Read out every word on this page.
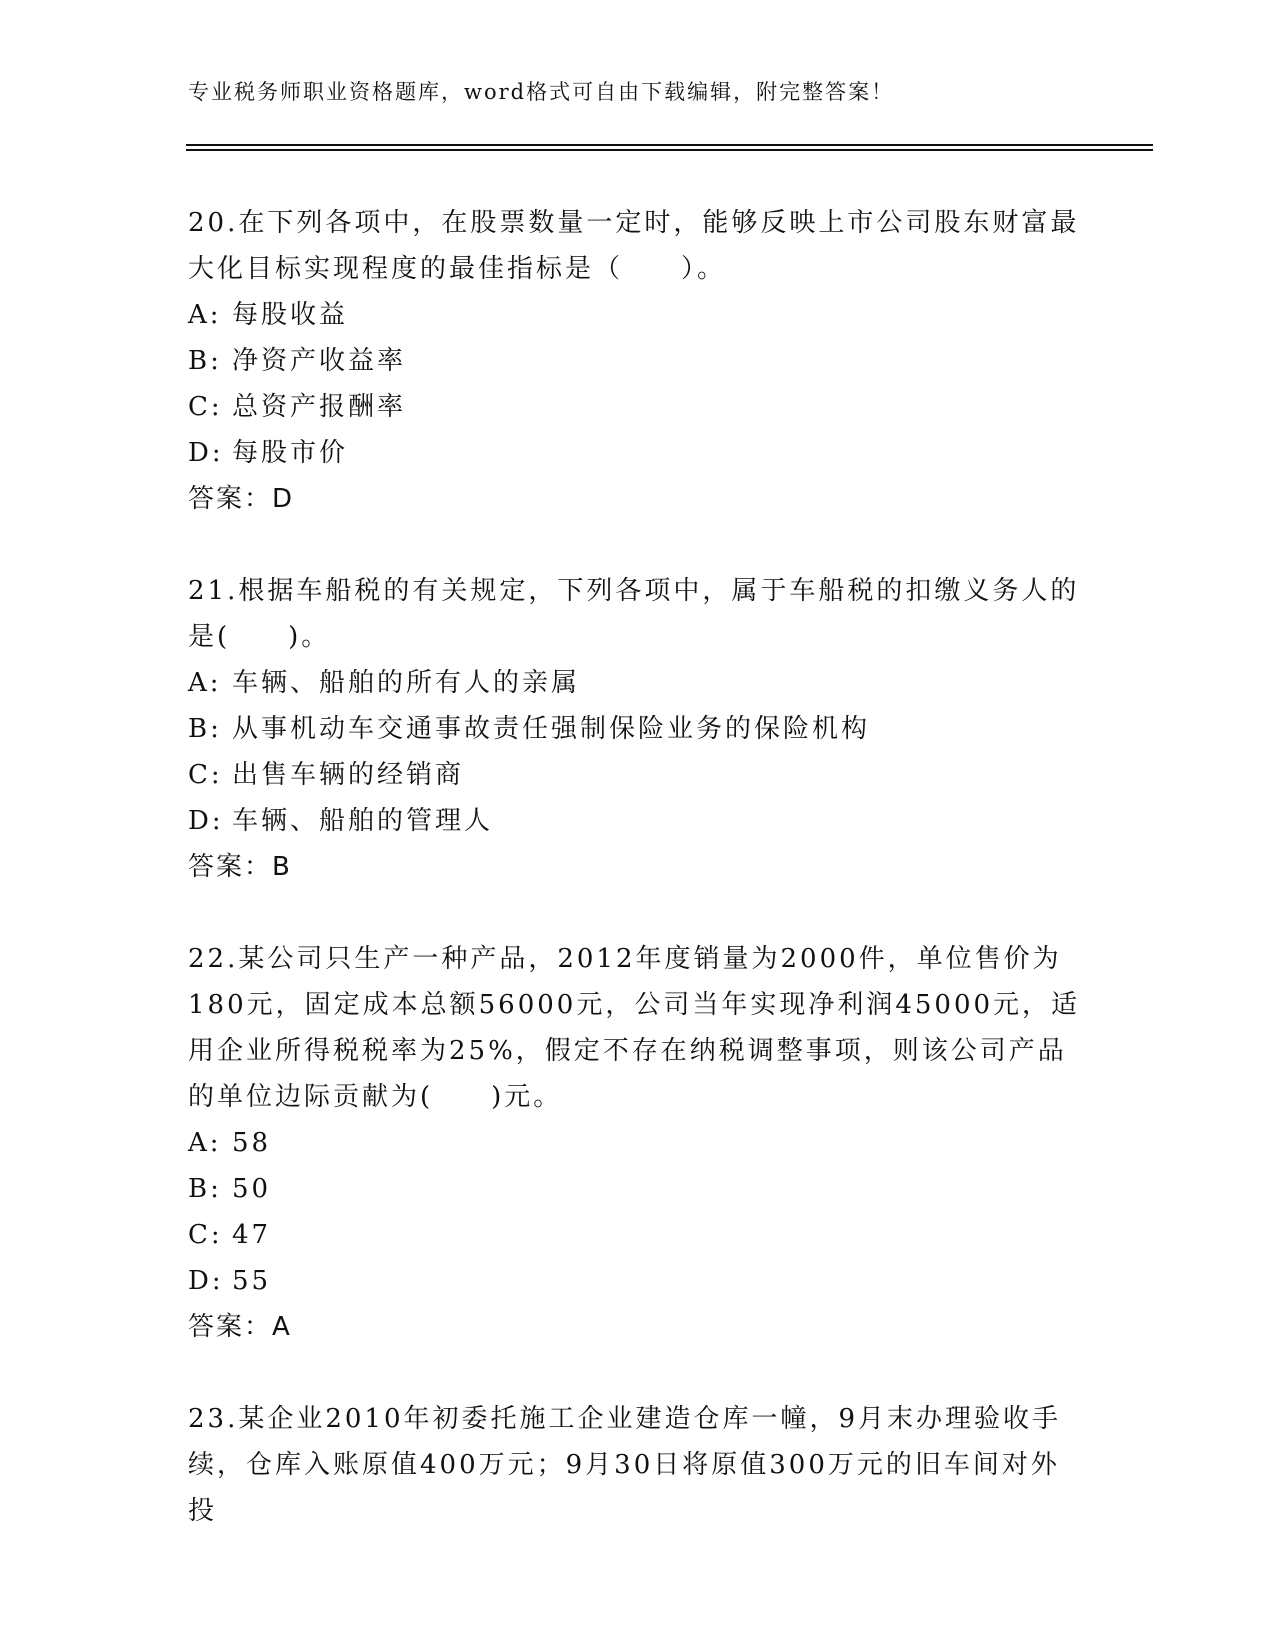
专业税务师职业资格题库，word格式可自由下载编辑，附完整答案！

20.在下列各项中，在股票数量一定时，能够反映上市公司股东财富最大化目标实现程度的最佳指标是（　　）。

A: 每股收益
B: 净资产收益率
C: 总资产报酬率
D: 每股市价
答案：D

21.根据车船税的有关规定，下列各项中，属于车船税的扣缴义务人的是(　　)。

A: 车辆、船舶的所有人的亲属
B: 从事机动车交通事故责任强制保险业务的保险机构
C: 出售车辆的经销商
D: 车辆、船舶的管理人
答案：B

22.某公司只生产一种产品，2012年度销量为2000件，单位售价为180元，固定成本总额56000元，公司当年实现净利润45000元，适用企业所得税税率为25%，假定不存在纳税调整事项，则该公司产品的单位边际贡献为(　　)元。

A: 58
B: 50
C: 47
D: 55
答案：A

23.某企业2010年初委托施工企业建造仓库一幢，9月末办理验收手续，仓库入账原值400万元；9月30日将原值300万元的旧车间对外投
